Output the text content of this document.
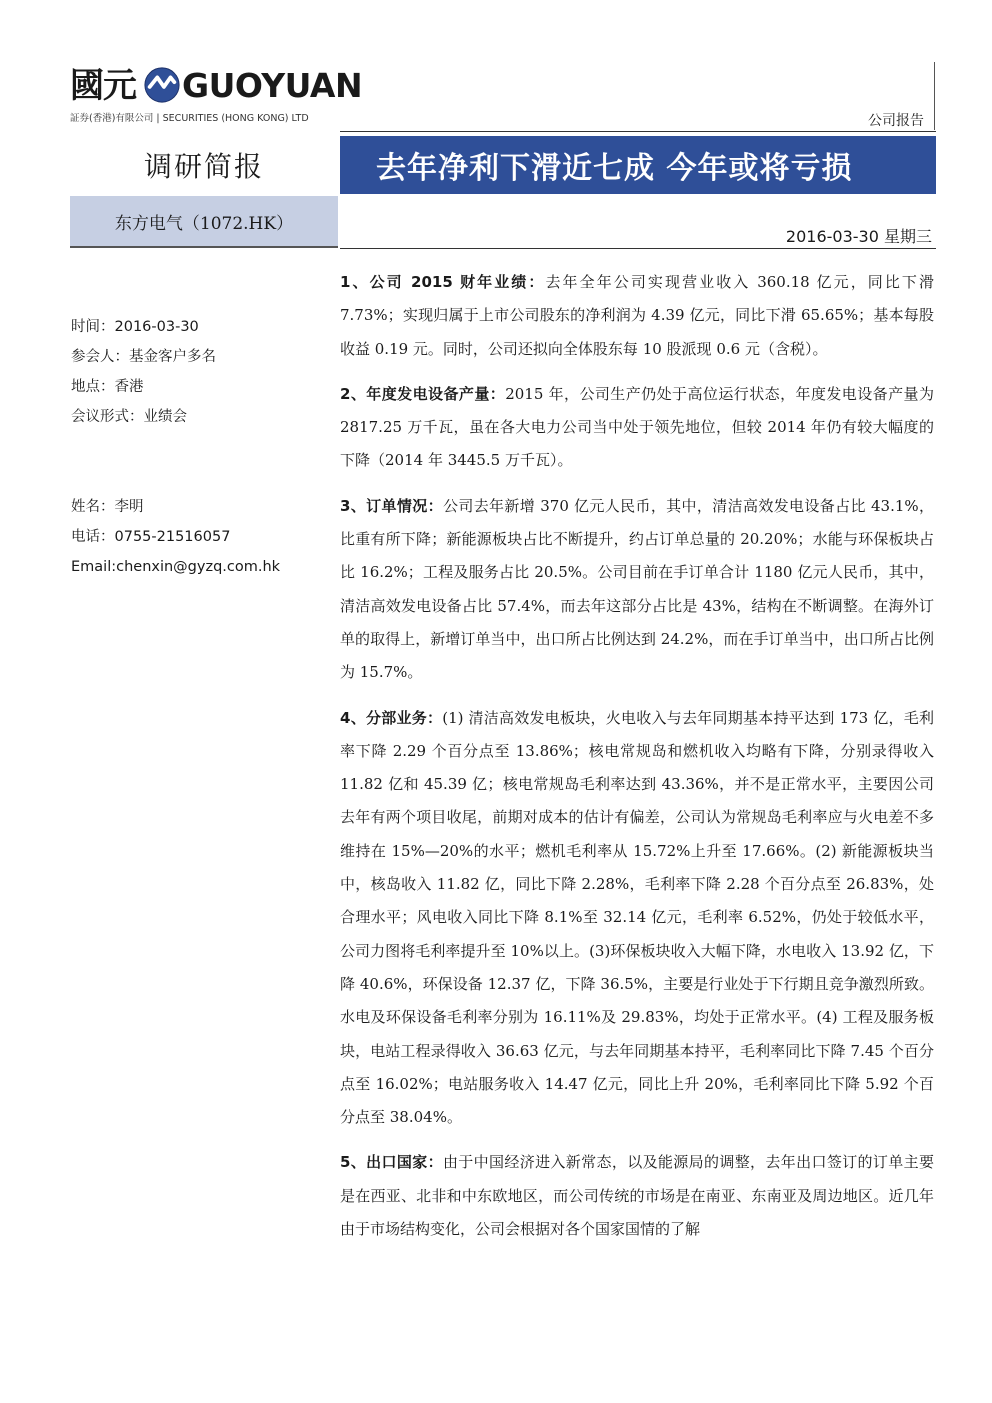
國元 GUOYUAN
証券(香港)有限公司 | SECURITIES (HONG KONG) LTD	公司报告
调研简报	去年净利下滑近七成 今年或将亏损
东方电气（1072.HK）
2016-03-30 星期三
时间：2016-03-30
参会人：基金客户多名
地点：香港
会议形式：业绩会
姓名：李明
电话：0755-21516057
Email:chenxin@gyzq.com.hk

1、公司 2015 财年业绩：去年全年公司实现营业收入 360.18 亿元，同比下滑 7.73%；实现归属于上市公司股东的净利润为 4.39 亿元，同比下滑 65.65%；基本每股收益 0.19 元。同时，公司还拟向全体股东每 10 股派现 0.6 元（含税）。

2、年度发电设备产量：2015 年，公司生产仍处于高位运行状态，年度发电设备产量为 2817.25 万千瓦，虽在各大电力公司当中处于领先地位，但较 2014 年仍有较大幅度的下降（2014 年 3445.5 万千瓦）。

3、订单情况：公司去年新增 370 亿元人民币，其中，清洁高效发电设备占比 43.1%，比重有所下降；新能源板块占比不断提升，约占订单总量的 20.20%；水能与环保板块占比 16.2%；工程及服务占比 20.5%。公司目前在手订单合计 1180 亿元人民币，其中，清洁高效发电设备占比 57.4%，而去年这部分占比是 43%，结构在不断调整。在海外订单的取得上，新增订单当中，出口所占比例达到 24.2%，而在手订单当中，出口所占比例为 15.7%。

4、分部业务：(1) 清洁高效发电板块，火电收入与去年同期基本持平达到 173 亿，毛利率下降 2.29 个百分点至 13.86%；核电常规岛和燃机收入均略有下降，分别录得收入 11.82 亿和 45.39 亿；核电常规岛毛利率达到 43.36%，并不是正常水平，主要因公司去年有两个项目收尾，前期对成本的估计有偏差，公司认为常规岛毛利率应与火电差不多维持在 15%—20%的水平；燃机毛利率从 15.72%上升至 17.66%。(2) 新能源板块当中，核岛收入 11.82 亿，同比下降 2.28%，毛利率下降 2.28 个百分点至 26.83%，处合理水平；风电收入同比下降 8.1%至 32.14 亿元，毛利率 6.52%，仍处于较低水平，公司力图将毛利率提升至 10%以上。(3)环保板块收入大幅下降，水电收入 13.92 亿，下降 40.6%，环保设备 12.37 亿，下降 36.5%，主要是行业处于下行期且竞争激烈所致。水电及环保设备毛利率分别为 16.11%及 29.83%，均处于正常水平。(4) 工程及服务板块，电站工程录得收入 36.63 亿元，与去年同期基本持平，毛利率同比下降 7.45 个百分点至 16.02%；电站服务收入 14.47 亿元，同比上升 20%，毛利率同比下降 5.92 个百分点至 38.04%。

5、出口国家：由于中国经济进入新常态，以及能源局的调整，去年出口签订的订单主要是在西亚、北非和中东欧地区，而公司传统的市场是在南亚、东南亚及周边地区。近几年由于市场结构变化，公司会根据对各个国家国情的了解
